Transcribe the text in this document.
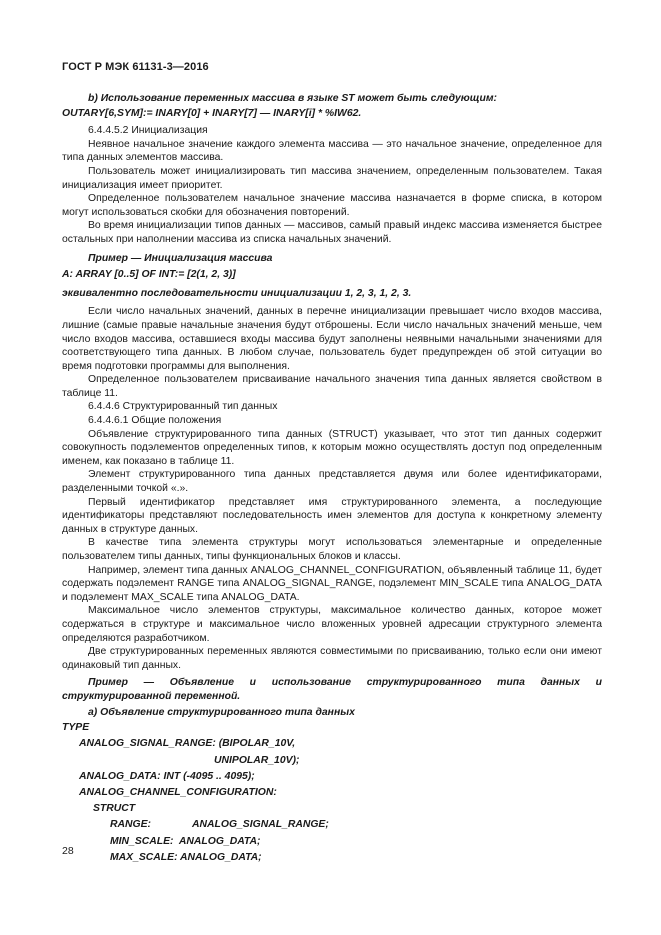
ГОСТ Р МЭК 61131-3—2016

b) Использование переменных массива в языке ST может быть следующим:

OUTARY[6,SYM]:= INARY[0] + INARY[7] — INARY[i] * %IW62.

6.4.4.5.2 Инициализация

Неявное начальное значение каждого элемента массива — это начальное значение, определенное для типа данных элементов массива.

Пользователь может инициализировать тип массива значением, определенным пользователем. Такая инициализация имеет приоритет.

Определенное пользователем начальное значение массива назначается в форме списка, в котором могут использоваться скобки для обозначения повторений.

Во время инициализации типов данных — массивов, самый правый индекс массива изменяется быстрее остальных при наполнении массива из списка начальных значений.

Пример — Инициализация массива

A: ARRAY [0..5] OF INT:= [2(1, 2, 3)]

эквивалентно последовательности инициализации 1, 2, 3, 1, 2, 3.

Если число начальных значений, данных в перечне инициализации превышает число входов массива, лишние (самые правые начальные значения будут отброшены. Если число начальных значений меньше, чем число входов массива, оставшиеся входы массива будут заполнены неявными начальными значениями для соответствующего типа данных. В любом случае, пользователь будет предупрежден об этой ситуации во время подготовки программы для выполнения.

Определенное пользователем присваивание начального значения типа данных является свойством в таблице 11.

6.4.4.6 Структурированный тип данных

6.4.4.6.1 Общие положения

Объявление структурированного типа данных (STRUCT) указывает, что этот тип данных содержит совокупность подэлементов определенных типов, к которым можно осуществлять доступ под определенным именем, как показано в таблице 11.

Элемент структурированного типа данных представляется двумя или более идентификаторами, разделенными точкой «.».

Первый идентификатор представляет имя структурированного элемента, а последующие идентификаторы представляют последовательность имен элементов для доступа к конкретному элементу данных в структуре данных.

В качестве типа элемента структуры могут использоваться элементарные и определенные пользователем типы данных, типы функциональных блоков и классы.

Например, элемент типа данных ANALOG_CHANNEL_CONFIGURATION, объявленный таблице 11, будет содержать подэлемент RANGE типа ANALOG_SIGNAL_RANGE, подэлемент MIN_SCALE типа ANALOG_DATA и подэлемент MAX_SCALE типа ANALOG_DATA.

Максимальное число элементов структуры, максимальное количество данных, которое может содержаться в структуре и максимальное число вложенных уровней адресации структурного элемента определяются разработчиком.

Две структурированных переменных являются совместимыми по присваиванию, только если они имеют одинаковый тип данных.

Пример — Объявление и использование структурированного типа данных и структурированной переменной.

a) Объявление структурированного типа данных

TYPE
ANALOG_SIGNAL_RANGE: (BIPOLAR_10V,
UNIPOLAR_10V);
ANALOG_DATA: INT (-4095 .. 4095);
ANALOG_CHANNEL_CONFIGURATION:
STRUCT
RANGE:	ANALOG_SIGNAL_RANGE;
MIN_SCALE:  ANALOG_DATA;
MAX_SCALE: ANALOG_DATA;
28
